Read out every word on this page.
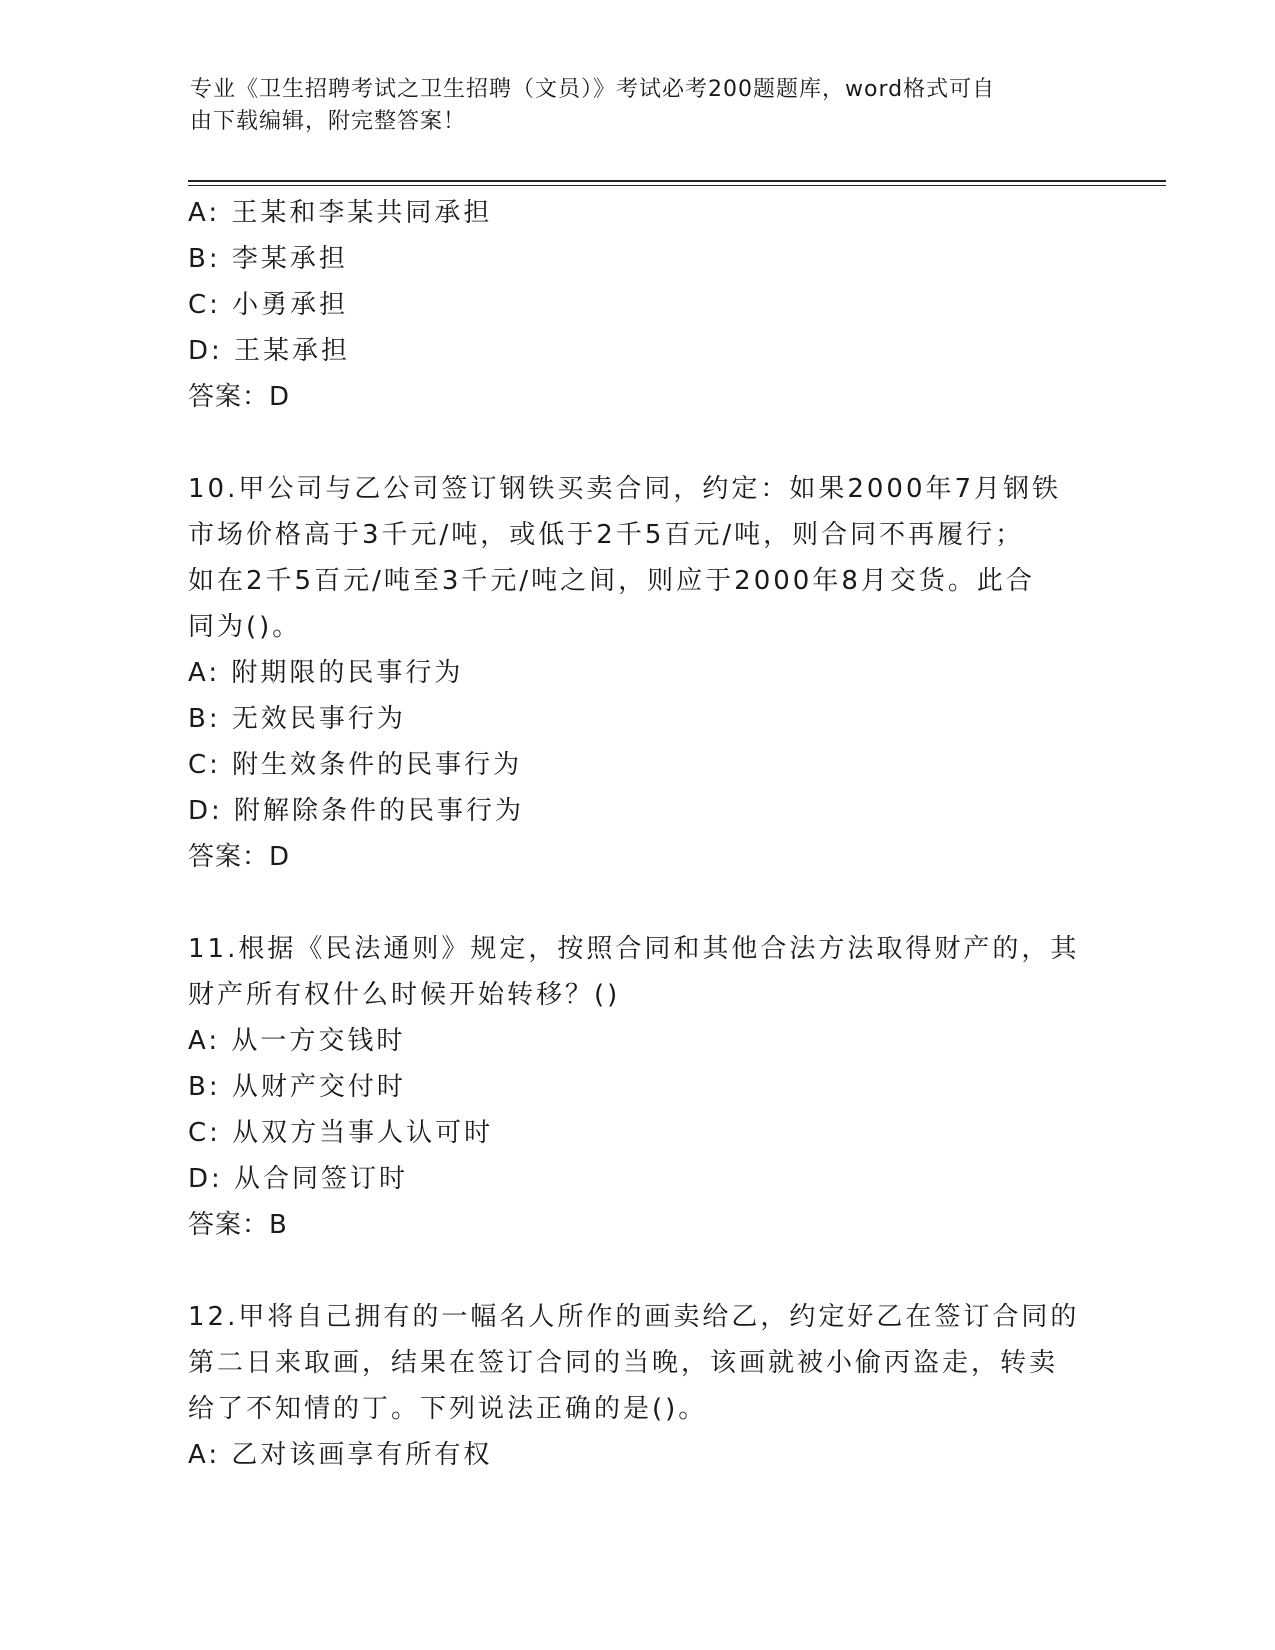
专业《卫生招聘考试之卫生招聘（文员）》考试必考200题题库，word格式可自
由下载编辑，附完整答案！
A: 王某和李某共同承担
B: 李某承担
C: 小勇承担
D: 王某承担
答案：D
10.甲公司与乙公司签订钢铁买卖合同，约定：如果2000年7月钢铁
市场价格高于3千元/吨，或低于2千5百元/吨，则合同不再履行；
如在2千5百元/吨至3千元/吨之间，则应于2000年8月交货。此合
同为()。
A: 附期限的民事行为
B: 无效民事行为
C: 附生效条件的民事行为
D: 附解除条件的民事行为
答案：D
11.根据《民法通则》规定，按照合同和其他合法方法取得财产的，其
财产所有权什么时候开始转移？()
A: 从一方交钱时
B: 从财产交付时
C: 从双方当事人认可时
D: 从合同签订时
答案：B
12.甲将自己拥有的一幅名人所作的画卖给乙，约定好乙在签订合同的
第二日来取画，结果在签订合同的当晚，该画就被小偷丙盗走，转卖
给了不知情的丁。下列说法正确的是()。
A: 乙对该画享有所有权
